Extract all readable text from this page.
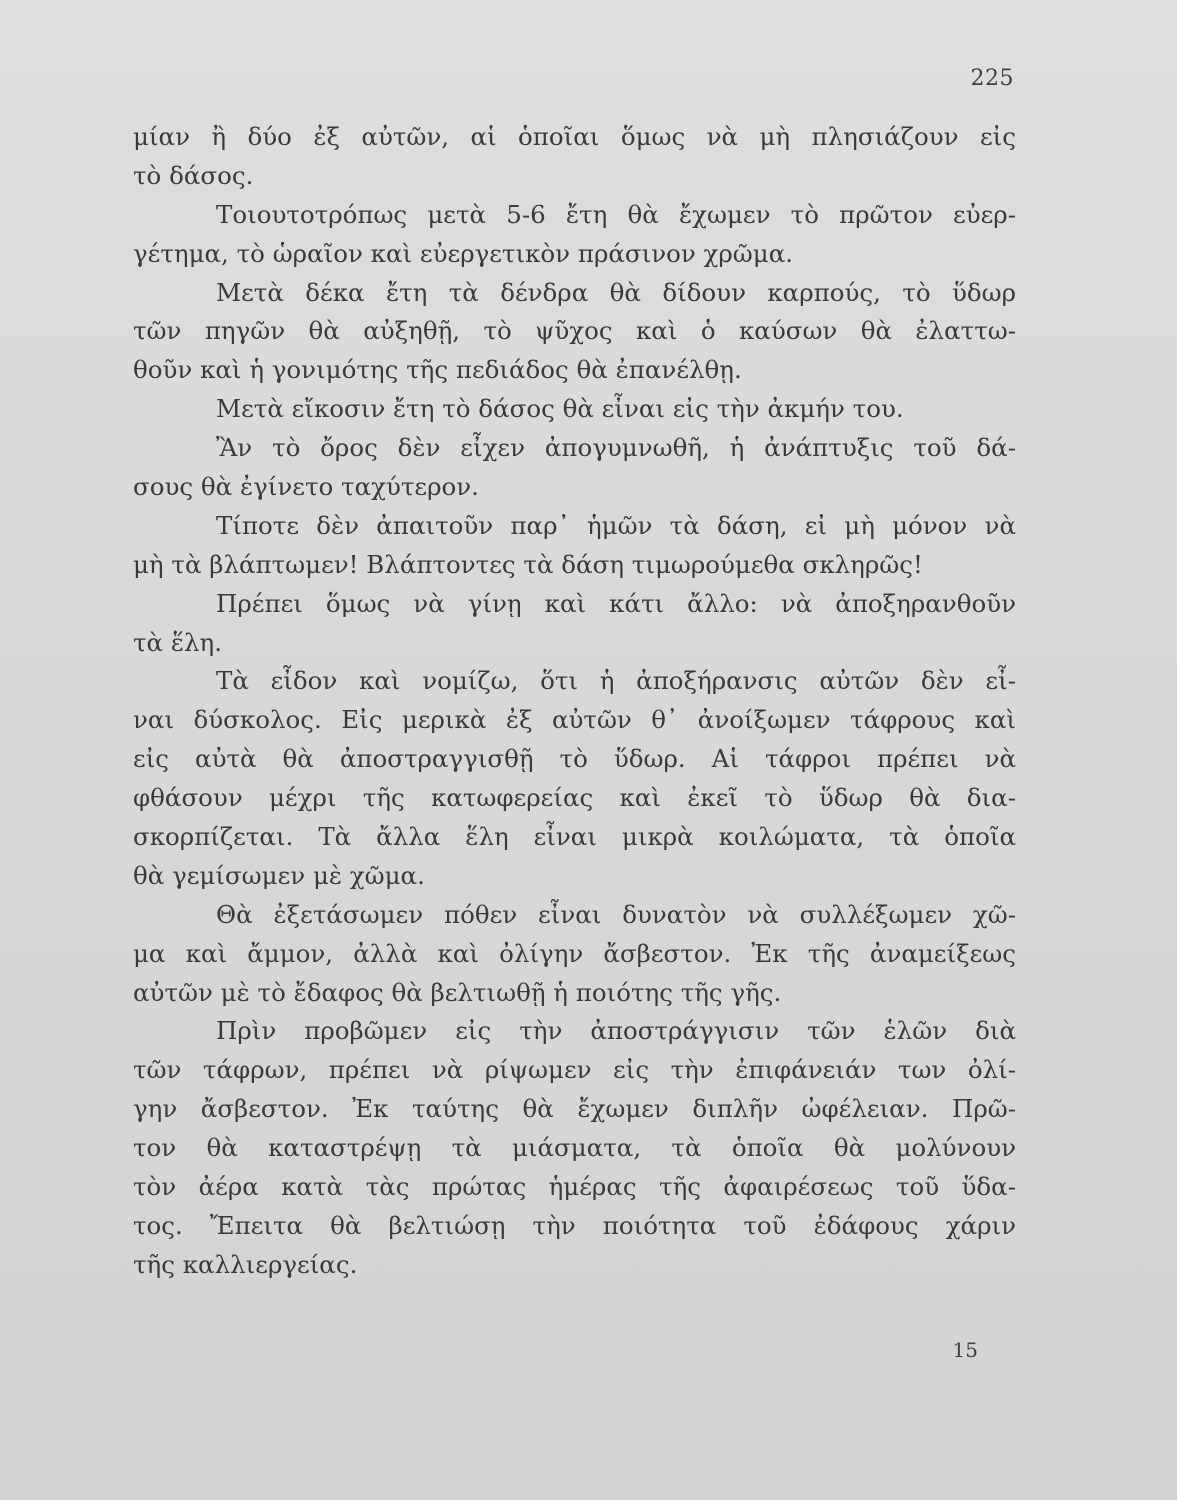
225
μίαν ἢ δύο ἐξ αὐτῶν, αἱ ὁποῖαι ὅμως νὰ μὴ πλησιάζουν εἰς
τὸ δάσος.
Τοιουτοτρόπως μετὰ 5-6 ἔτη θὰ ἔχωμεν τὸ πρῶτον εὐερ-
γέτημα, τὸ ὡραῖον καὶ εὐεργετικὸν πράσινον χρῶμα.
Μετὰ δέκα ἔτη τὰ δένδρα θὰ δίδουν καρπούς, τὸ ὕδωρ
τῶν πηγῶν θὰ αὐξηθῇ, τὸ ψῦχος καὶ ὁ καύσων θὰ ἐλαττω-
θοῦν καὶ ἡ γονιμότης τῆς πεδιάδος θὰ ἐπανέλθῃ.
Μετὰ εἴκοσιν ἔτη τὸ δάσος θὰ εἶναι εἰς τὴν ἀκμήν του.
Ἂν τὸ ὄρος δὲν εἶχεν ἀπογυμνωθῆ, ἡ ἀνάπτυξις τοῦ δά-
σους θὰ ἐγίνετο ταχύτερον.
Τίποτε δὲν ἀπαιτοῦν παρ᾽ ἡμῶν τὰ δάση, εἰ μὴ μόνον νὰ
μὴ τὰ βλάπτωμεν! Βλάπτοντες τὰ δάση τιμωρούμεθα σκληρῶς!
Πρέπει ὅμως νὰ γίνῃ καὶ κάτι ἄλλο: νὰ ἀποξηρανθοῦν
τὰ ἕλη.
Τὰ εἶδον καὶ νομίζω, ὅτι ἡ ἀποξήρανσις αὐτῶν δὲν εἶ-
ναι δύσκολος. Εἰς μερικὰ ἐξ αὐτῶν θ᾽ ἀνοίξωμεν τάφρους καὶ
εἰς αὐτὰ θὰ ἀποστραγγισθῇ τὸ ὕδωρ. Αἱ τάφροι πρέπει νὰ
φθάσουν μέχρι τῆς κατωφερείας καὶ ἐκεῖ τὸ ὕδωρ θὰ δια-
σκορπίζεται. Τὰ ἄλλα ἕλη εἶναι μικρὰ κοιλώματα, τὰ ὁποῖα
θὰ γεμίσωμεν μὲ χῶμα.
Θὰ ἐξετάσωμεν πόθεν εἶναι δυνατὸν νὰ συλλέξωμεν χῶ-
μα καὶ ἄμμον, ἀλλὰ καὶ ὀλίγην ἄσβεστον. Ἐκ τῆς ἀναμείξεως
αὐτῶν μὲ τὸ ἔδαφος θὰ βελτιωθῇ ἡ ποιότης τῆς γῆς.
Πρὶν προβῶμεν εἰς τὴν ἀποστράγγισιν τῶν ἑλῶν διὰ
τῶν τάφρων, πρέπει νὰ ρίψωμεν εἰς τὴν ἐπιφάνειάν των ὀλί-
γην ἄσβεστον. Ἐκ ταύτης θὰ ἔχωμεν διπλῆν ὠφέλειαν. Πρῶ-
τον θὰ καταστρέψῃ τὰ μιάσματα, τὰ ὁποῖα θὰ μολύνουν
τὸν ἀέρα κατὰ τὰς πρώτας ἡμέρας τῆς ἀφαιρέσεως τοῦ ὕδα-
τος. Ἔπειτα θὰ βελτιώσῃ τὴν ποιότητα τοῦ ἐδάφους χάριν
τῆς καλλιεργείας.
15
